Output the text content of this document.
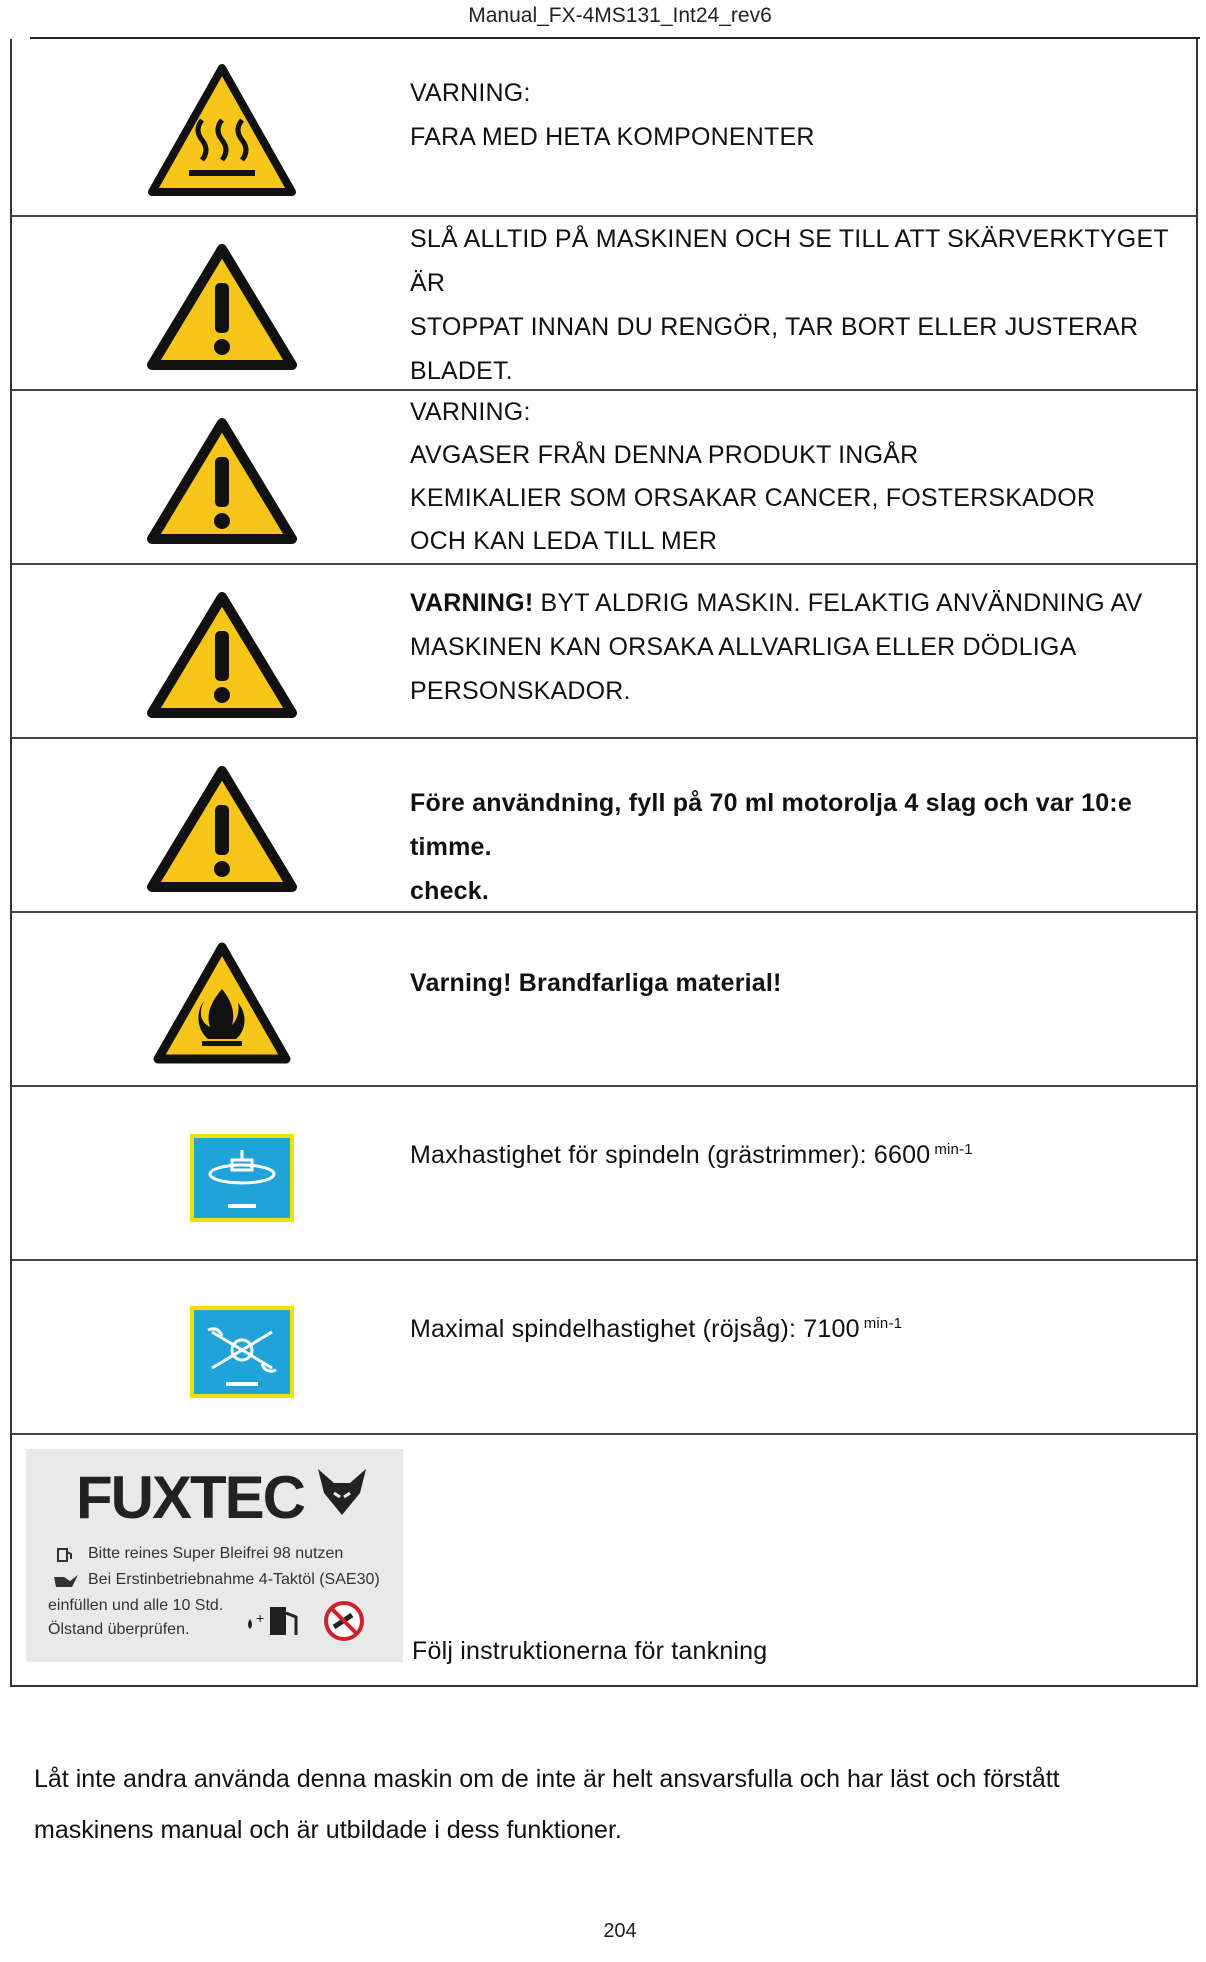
Manual_FX-4MS131_Int24_rev6
VARNING:
FARA MED HETA KOMPONENTER
SLÅ ALLTID PÅ MASKINEN OCH SE TILL ATT SKÄRVERKTYGET ÄR
STOPPAT INNAN DU RENGÖR, TAR BORT ELLER JUSTERAR
BLADET.
VARNING:
AVGASER FRÅN DENNA PRODUKT INGÅR
KEMIKALIER SOM ORSAKAR CANCER, FOSTERSKADOR
OCH KAN LEDA TILL MER
VARNING! BYT ALDRIG MASKIN. FELAKTIG ANVÄNDNING AV
MASKINEN KAN ORSAKA ALLVARLIGA ELLER DÖDLIGA
PERSONSKADOR.
Före användning, fyll på 70 ml motorolja 4 slag och var 10:e timme.
check.
Varning! Brandfarliga material!
Maxhastighet för spindeln (grästrimmer): 6600 $^{min-1}$
Maximal spindelhastighet (röjsåg): 7100 $^{min-1}$
FUXTEC
Bitte reines Super Bleifrei 98 nutzen
Bei Erstinbetriebnahme 4-Taktöl (SAE30)
einfüllen und alle 10 Std.
Ölstand überprüfen.
+
Följ instruktionerna för tankning
Låt inte andra använda denna maskin om de inte är helt ansvarsfulla och har läst och förstått
maskinens manual och är utbildade i dess funktioner.
204
